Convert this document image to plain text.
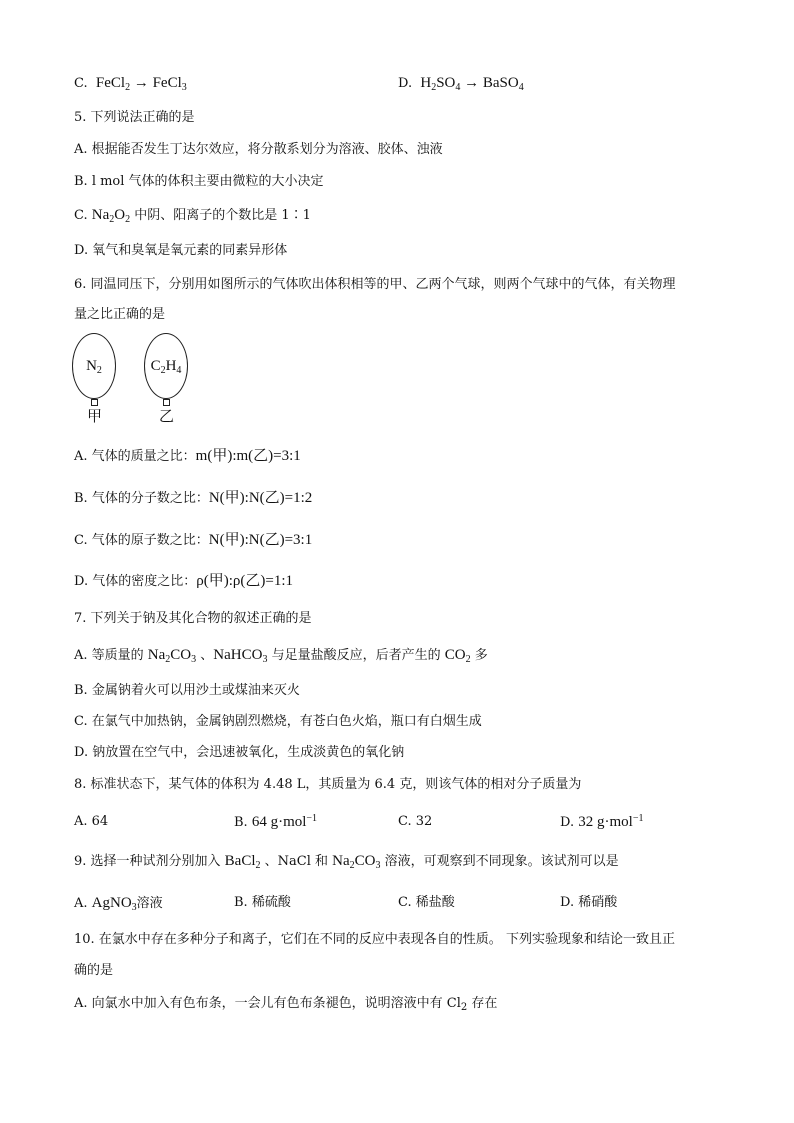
C. FeCl$_2$ → FeCl$_3$	D. $H_2SO_4$ → BaSO$_4$
5. 下列说法正确的是
A. 根据能否发生丁达尔效应，将分散系划分为溶液、胶体、浊液
B. l mol 气体的体积主要由微粒的大小决定
C. $Na_2O_2$ 中阴、阳离子的个数比是 1∶1
D. 氧气和臭氧是氧元素的同素异形体
6. 同温同压下，分别用如图所示的气体吹出体积相等的甲、乙两个气球，则两个气球中的气体，有关物理
量之比正确的是
$N_2$	$C_2H_4$
甲	乙
A. 气体的质量之比：m(甲):m(乙)=3:1
B. 气体的分子数之比：N(甲):N(乙)=1:2
C. 气体的原子数之比：N(甲):N(乙)=3:1
D. 气体的密度之比：ρ(甲):ρ(乙)=1:1
7. 下列关于钠及其化合物的叙述正确的是
A. 等质量的 $Na_2CO_3$ 、NaHCO$_3$ 与足量盐酸反应，后者产生的 $CO_2$ 多
B. 金属钠着火可以用沙土或煤油来灭火
C. 在氯气中加热钠，金属钠剧烈燃烧，有苍白色火焰，瓶口有白烟生成
D. 钠放置在空气中，会迅速被氧化，生成淡黄色的氧化钠
8. 标准状态下，某气体的体积为 4.48 L，其质量为 6.4 克，则该气体的相对分子质量为
A. 64	B. 64 g·mol$^{-1}$	C. 32	D. 32 g·mol$^{-1}$
9. 选择一种试剂分别加入 BaCl$_2$ 、NaCl 和 $Na_2CO_3$ 溶液，可观察到不同现象。该试剂可以是
A. AgNO$_3$溶液	B. 稀硫酸	C. 稀盐酸	D. 稀硝酸
10. 在氯水中存在多种分子和离子，它们在不同的反应中表现各自的性质。 下列实验现象和结论一致且正
确的是
A. 向氯水中加入有色布条，一会儿有色布条褪色，说明溶液中有 $Cl_2$ 存在
